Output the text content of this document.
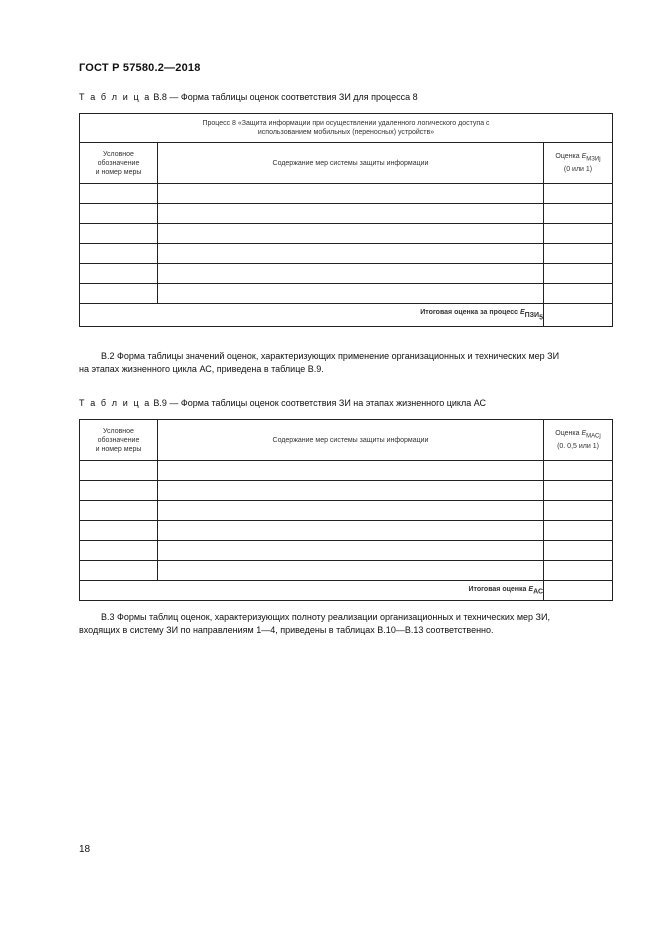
ГОСТ Р 57580.2—2018
Т а б л и ц а В.8 — Форма таблицы оценок соответствия ЗИ для процесса 8
Процесс 8 «Защита информации при осуществлении удаленного логического доступа с
использованием мобильных (переносных) устройств»		
Условное
обозначение
и номер меры	Содержание мер системы защиты информации	Оценка $E_{МЗИj}$
(0 или 1)

Итоговая оценка за процесс $E_{ПЗИ_5}$	

В.2 Форма таблицы значений оценок, характеризующих применение организационных и технических мер ЗИ

на этапах жизненного цикла АС, приведена в таблице В.9.

Т а б л и ц а В.9 — Форма таблицы оценок соответствия ЗИ на этапах жизненного цикла АС
Условное
обозначение
и номер меры	Содержание мер системы защиты информации	Оценка $E_{МАСj}$
(0. 0,5 или 1)

Итоговая оценка $E_{АС}$	

В.3 Формы таблиц оценок, характеризующих полноту реализации организационных и технических мер ЗИ,

входящих в систему ЗИ по направлениям 1—4, приведены в таблицах В.10—В.13 соответственно.

18
